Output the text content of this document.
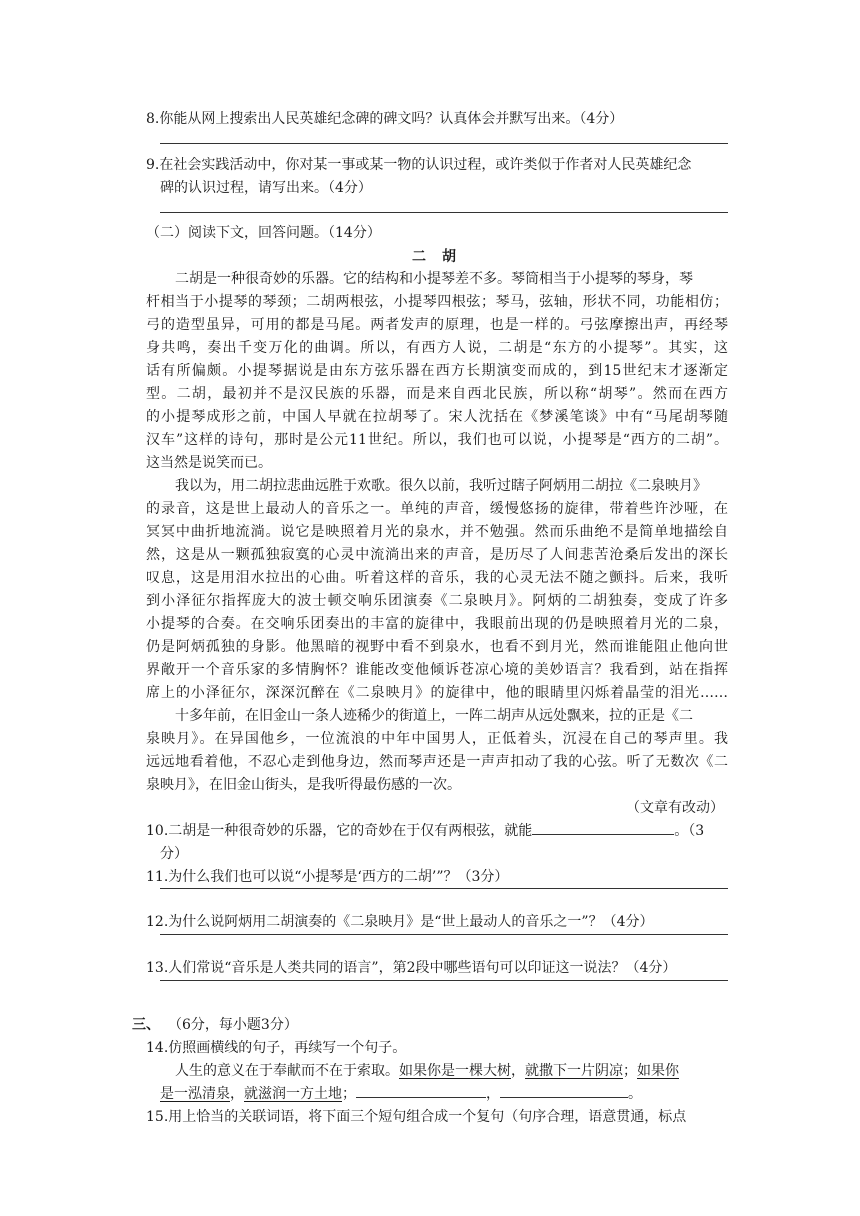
8.你能从网上搜索出人民英雄纪念碑的碑文吗？认真体会并默写出来。（4分）
9.在社会实践活动中，你对某一事或某一物的认识过程，或许类似于作者对人民英雄纪念
碑的认识过程，请写出来。（4分）
（二）阅读下文，回答问题。（14分）
二　胡
二胡是一种很奇妙的乐器。它的结构和小提琴差不多。琴筒相当于小提琴的琴身，琴
杆相当于小提琴的琴颈；二胡两根弦，小提琴四根弦；琴马，弦轴，形状不同，功能相仿；
弓的造型虽异，可用的都是马尾。两者发声的原理，也是一样的。弓弦摩擦出声，再经琴
身共鸣，奏出千变万化的曲调。所以，有西方人说，二胡是“东方的小提琴”。其实，这
话有所偏颇。小提琴据说是由东方弦乐器在西方长期演变而成的，到15世纪末才逐渐定
型。二胡，最初并不是汉民族的乐器，而是来自西北民族，所以称“胡琴”。然而在西方
的小提琴成形之前，中国人早就在拉胡琴了。宋人沈括在《梦溪笔谈》中有“马尾胡琴随
汉车”这样的诗句，那时是公元11世纪。所以，我们也可以说，小提琴是“西方的二胡”。
这当然是说笑而已。
我以为，用二胡拉悲曲远胜于欢歌。很久以前，我听过瞎子阿炳用二胡拉《二泉映月》
的录音，这是世上最动人的音乐之一。单纯的声音，缓慢悠扬的旋律，带着些许沙哑，在
冥冥中曲折地流淌。说它是映照着月光的泉水，并不勉强。然而乐曲绝不是简单地描绘自
然，这是从一颗孤独寂寞的心灵中流淌出来的声音，是历尽了人间悲苦沧桑后发出的深长
叹息，这是用泪水拉出的心曲。听着这样的音乐，我的心灵无法不随之颤抖。后来，我听
到小泽征尔指挥庞大的波士顿交响乐团演奏《二泉映月》。阿炳的二胡独奏，变成了许多
小提琴的合奏。在交响乐团奏出的丰富的旋律中，我眼前出现的仍是映照着月光的二泉，
仍是阿炳孤独的身影。他黑暗的视野中看不到泉水，也看不到月光，然而谁能阻止他向世
界敞开一个音乐家的多情胸怀？谁能改变他倾诉苍凉心境的美妙语言？我看到，站在指挥
席上的小泽征尔，深深沉醉在《二泉映月》的旋律中，他的眼睛里闪烁着晶莹的泪光……
十多年前，在旧金山一条人迹稀少的街道上，一阵二胡声从远处飘来，拉的正是《二
泉映月》。在异国他乡，一位流浪的中年中国男人，正低着头，沉浸在自己的琴声里。我
远远地看着他，不忍心走到他身边，然而琴声还是一声声扣动了我的心弦。听了无数次《二
泉映月》，在旧金山街头，是我听得最伤感的一次。
（文章有改动）
10.二胡是一种很奇妙的乐器，它的奇妙在于仅有两根弦，就能	。（3
分）
11.为什么我们也可以说“小提琴是‘西方的二胡’”？（3分）
12.为什么说阿炳用二胡演奏的《二泉映月》是“世上最动人的音乐之一”？（4分）
13.人们常说“音乐是人类共同的语言”，第2段中哪些语句可以印证这一说法？（4分）
三、 （6分，每小题3分）
14.仿照画横线的句子，再续写一个句子。
人生的意义在于奉献而不在于索取。如果你是一棵大树，就撒下一片阴凉；如果你
是一泓清泉，就滋润一方土地；	，	。
15.用上恰当的关联词语，将下面三个短句组合成一个复句（句序合理，语意贯通，标点
